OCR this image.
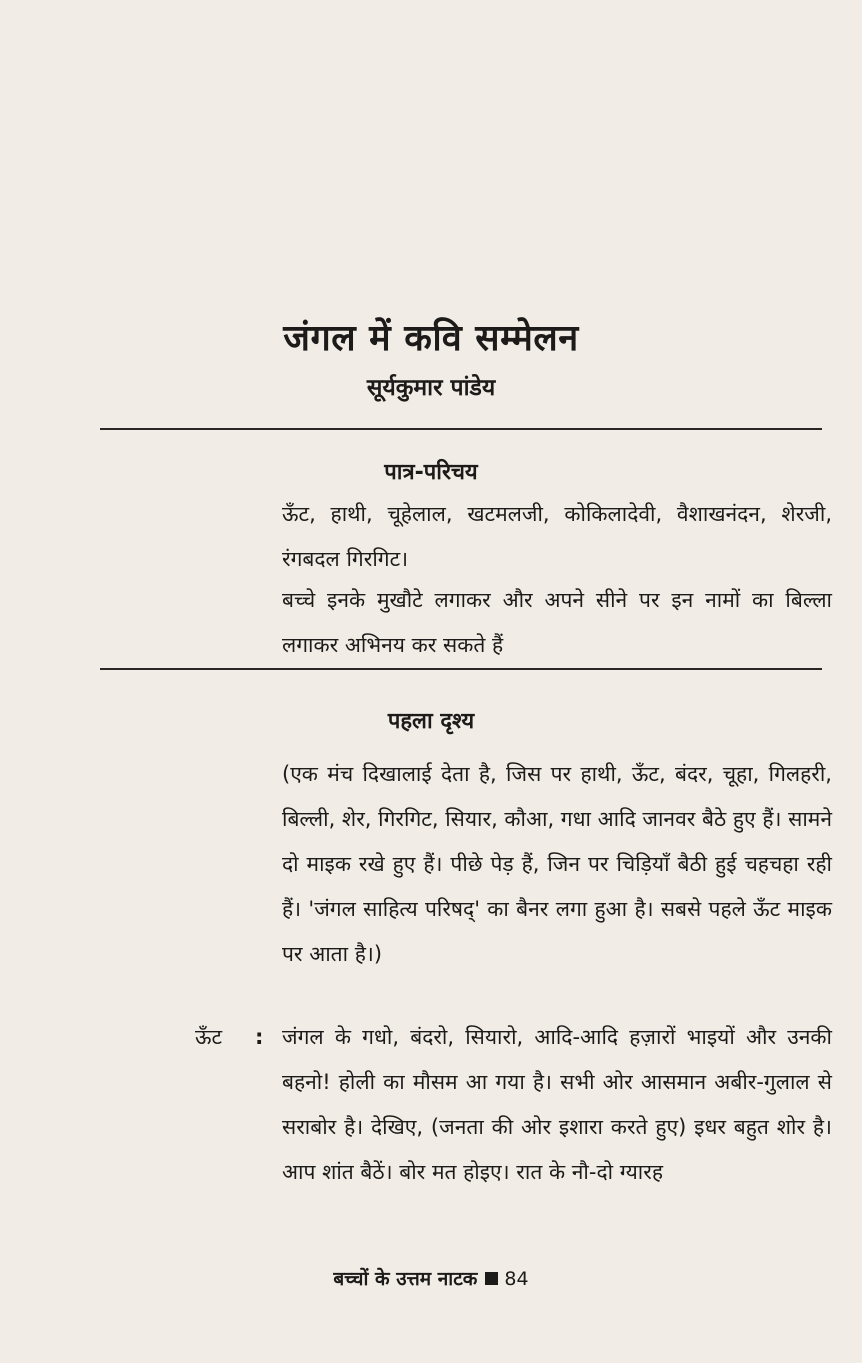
जंगल में कवि सम्मेलन
सूर्यकुमार पांडेय
पात्र-परिचय
ऊँट, हाथी, चूहेलाल, खटमलजी, कोकिलादेवी, वैशाखनंदन, शेरजी, रंगबदल गिरगिट।
बच्चे इनके मुखौटे लगाकर और अपने सीने पर इन नामों का बिल्ला लगाकर अभिनय कर सकते हैं
पहला दृश्य
(एक मंच दिखालाई देता है, जिस पर हाथी, ऊँट, बंदर, चूहा, गिलहरी, बिल्ली, शेर, गिरगिट, सियार, कौआ, गधा आदि जानवर बैठे हुए हैं। सामने दो माइक रखे हुए हैं। पीछे पेड़ हैं, जिन पर चिड़ियाँ बैठी हुई चहचहा रही हैं। 'जंगल साहित्य परिषद्' का बैनर लगा हुआ है। सबसे पहले ऊँट माइक पर आता है।)
ऊँट : जंगल के गधो, बंदरो, सियारो, आदि-आदि हज़ारों भाइयों और उनकी बहनो! होली का मौसम आ गया है। सभी ओर आसमान अबीर-गुलाल से सराबोर है। देखिए, (जनता की ओर इशारा करते हुए) इधर बहुत शोर है। आप शांत बैठें। बोर मत होइए। रात के नौ-दो ग्यारह
बच्चों के उत्तम नाटक 84
